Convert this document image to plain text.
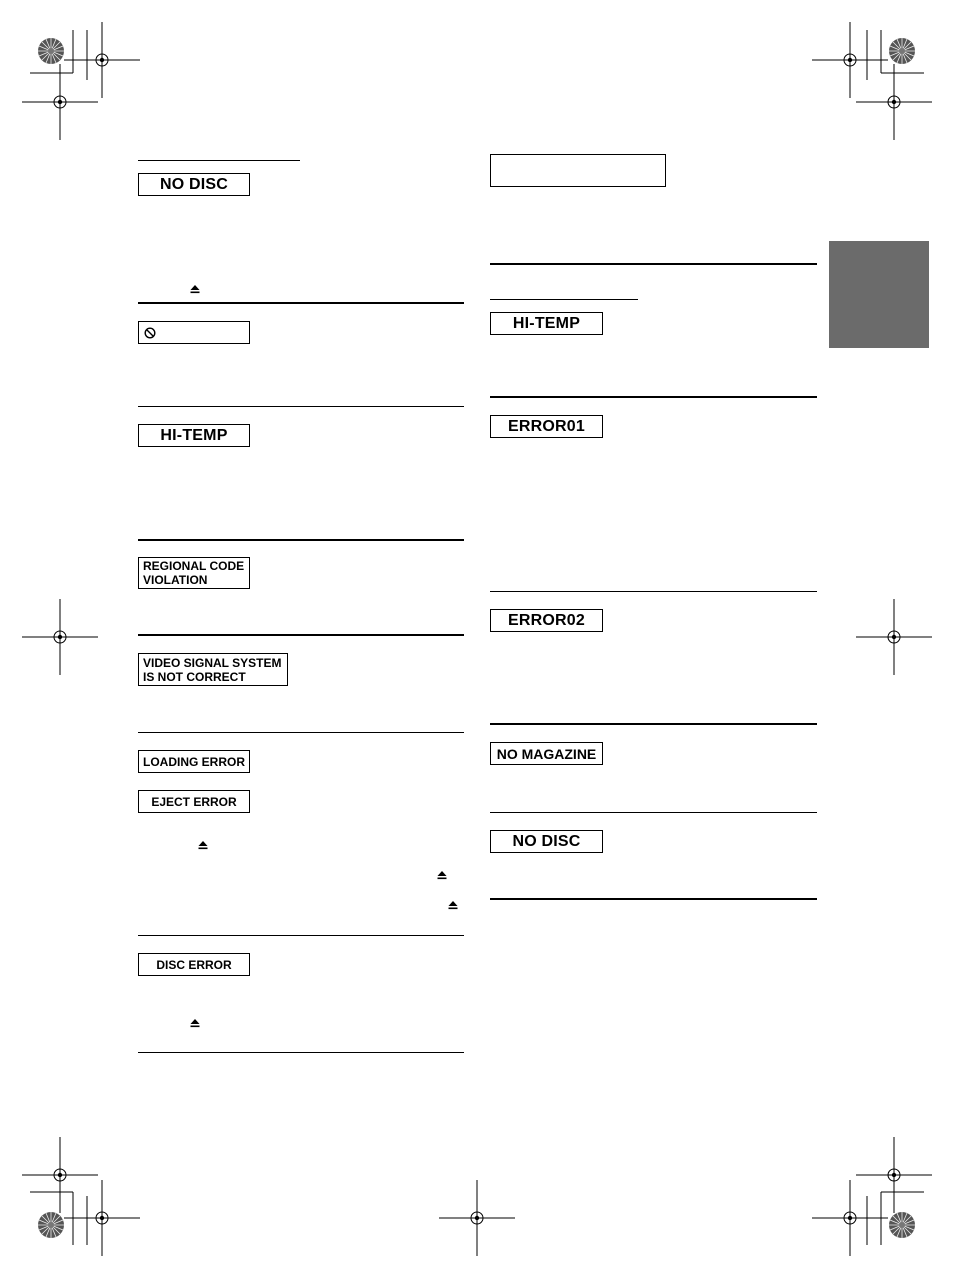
NO DISC
HI-TEMP
REGIONAL CODE
VIOLATION
VIDEO SIGNAL SYSTEM
IS NOT CORRECT
LOADING ERROR
EJECT ERROR
DISC ERROR
HI-TEMP
ERROR01
ERROR02
NO MAGAZINE
NO DISC
